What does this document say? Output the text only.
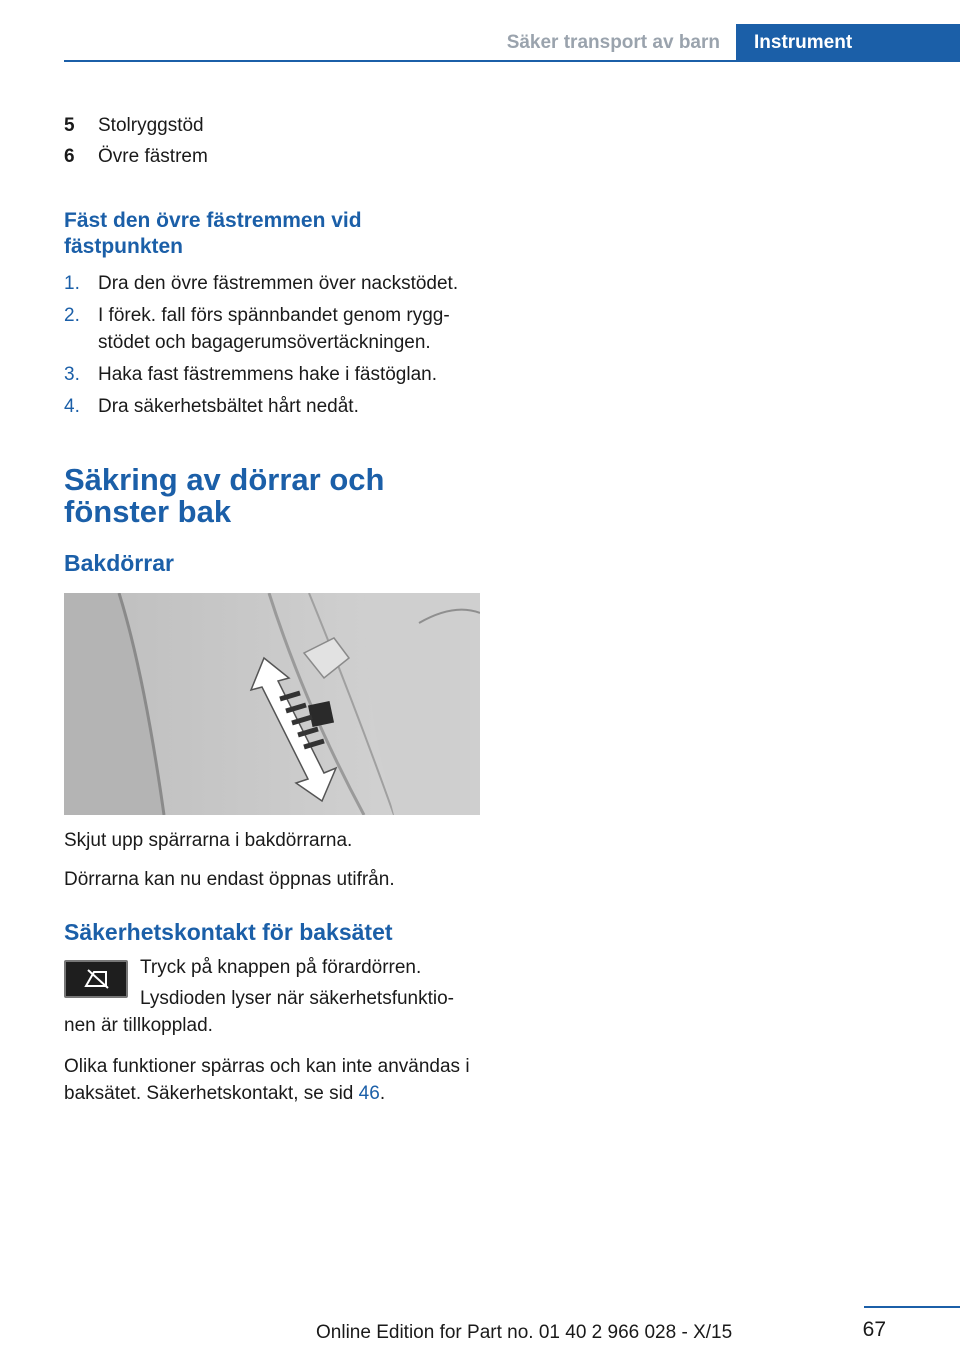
Säker transport av barn	Instrument
5	Stolryggstöd
6	Övre fästrem
Fäst den övre fästremmen vid fästpunkten
1. Dra den övre fästremmen över nackstödet.
2. I förek. fall förs spännbandet genom rygg-stödet och bagagerumsövertäckningen.
3. Haka fast fästremmens hake i fästöglan.
4. Dra säkerhetsbältet hårt nedåt.
Säkring av dörrar och fönster bak
Bakdörrar

Skjut upp spärrarna i bakdörrarna.

Dörrarna kan nu endast öppnas utifrån.

Säkerhetskontakt för baksätet

Tryck på knappen på förardörren.

Lysdioden lyser när säkerhetsfunktio-nen är tillkopplad.

Olika funktioner spärras och kan inte användas i baksätet. Säkerhetskontakt, se sid 46.

Online Edition for Part no. 01 40 2 966 028 - X/15	67
